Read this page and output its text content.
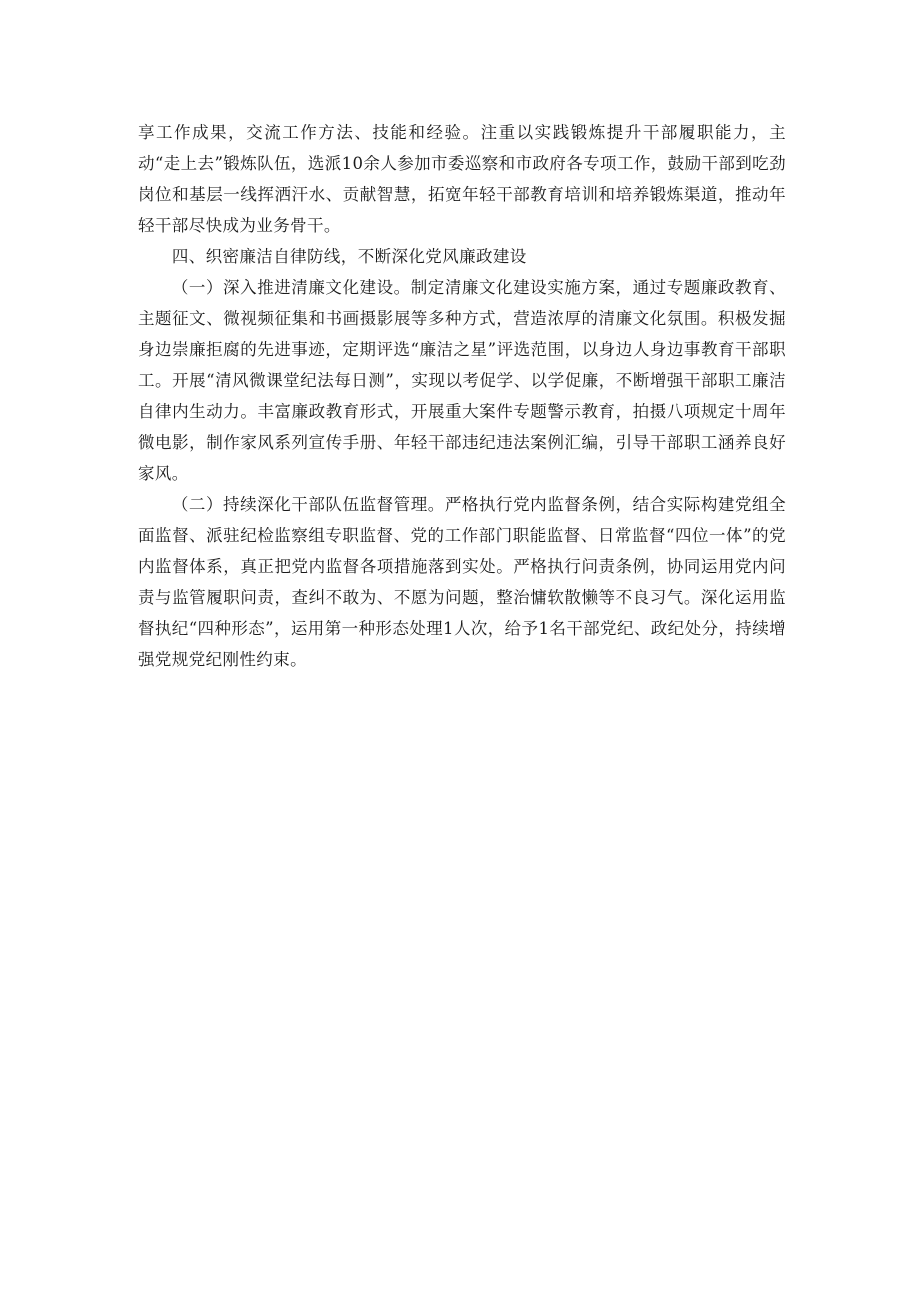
享工作成果，交流工作方法、技能和经验。注重以实践锻炼提升干部履职能力，主动“走上去”锻炼队伍，选派10余人参加市委巡察和市政府各专项工作，鼓励干部到吃劲岗位和基层一线挥洒汗水、贡献智慧，拓宽年轻干部教育培训和培养锻炼渠道，推动年轻干部尽快成为业务骨干。

四、织密廉洁自律防线，不断深化党风廉政建设

（一）深入推进清廉文化建设。制定清廉文化建设实施方案，通过专题廉政教育、主题征文、微视频征集和书画摄影展等多种方式，营造浓厚的清廉文化氛围。积极发掘身边崇廉拒腐的先进事迹，定期评选“廉洁之星”评选范围，以身边人身边事教育干部职工。开展“清风微课堂纪法每日测”，实现以考促学、以学促廉，不断增强干部职工廉洁自律内生动力。丰富廉政教育形式，开展重大案件专题警示教育，拍摄八项规定十周年微电影，制作家风系列宣传手册、年轻干部违纪违法案例汇编，引导干部职工涵养良好家风。

（二）持续深化干部队伍监督管理。严格执行党内监督条例，结合实际构建党组全面监督、派驻纪检监察组专职监督、党的工作部门职能监督、日常监督“四位一体”的党内监督体系，真正把党内监督各项措施落到实处。严格执行问责条例，协同运用党内问责与监管履职问责，查纠不敢为、不愿为问题，整治慵软散懒等不良习气。深化运用监督执纪“四种形态”，运用第一种形态处理1人次，给予1名干部党纪、政纪处分，持续增强党规党纪刚性约束。
